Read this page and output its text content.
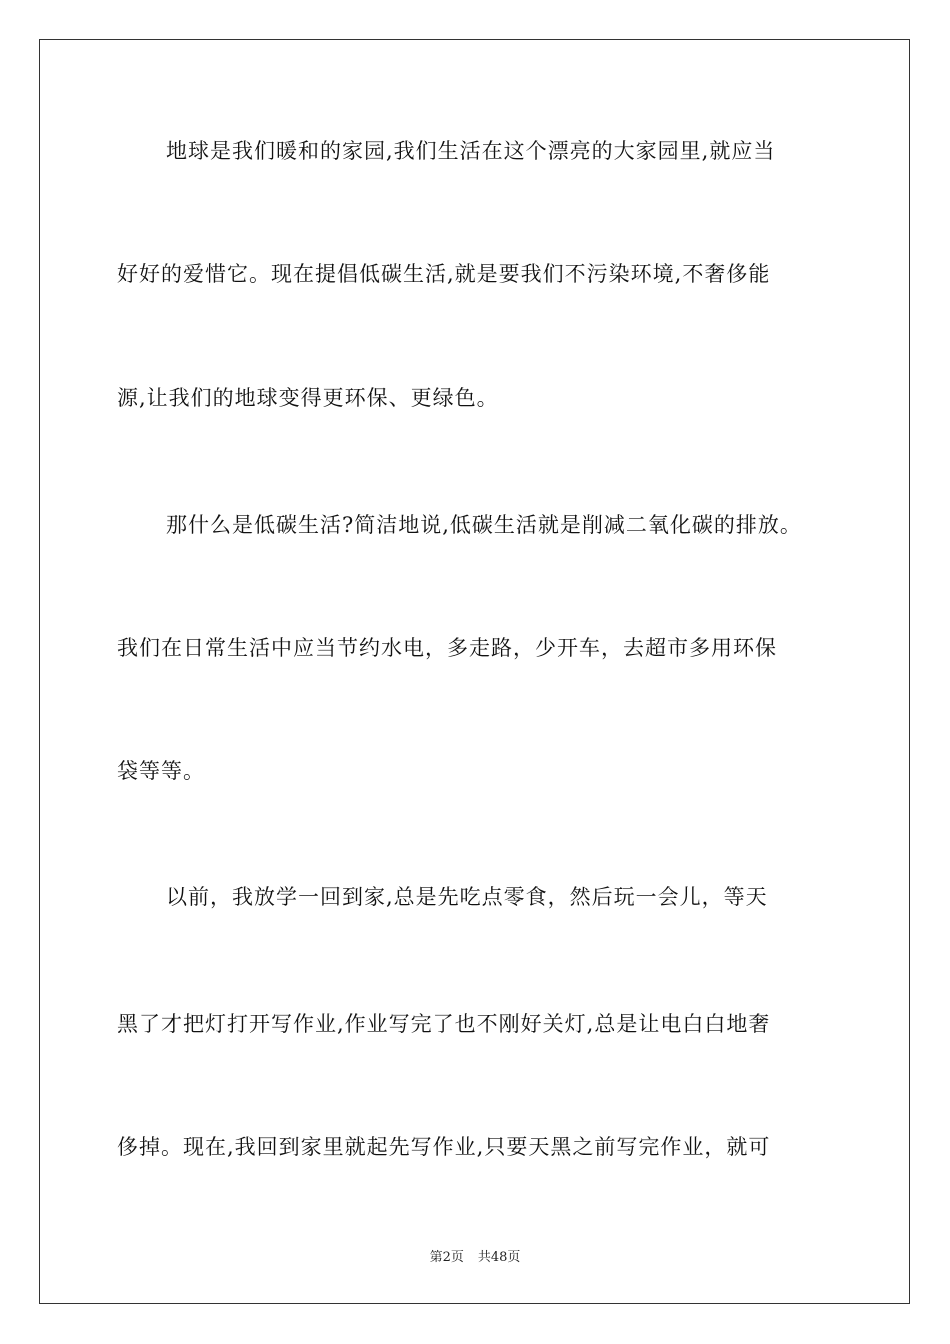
地球是我们暖和的家园,我们生活在这个漂亮的大家园里,就应当
好好的爱惜它。现在提倡低碳生活,就是要我们不污染环境,不奢侈能
源,让我们的地球变得更环保、更绿色。
那什么是低碳生活?简洁地说,低碳生活就是削减二氧化碳的排放。
我们在日常生活中应当节约水电，多走路，少开车，去超市多用环保
袋等等。
以前，我放学一回到家,总是先吃点零食，然后玩一会儿，等天
黑了才把灯打开写作业,作业写完了也不刚好关灯,总是让电白白地奢
侈掉。现在,我回到家里就起先写作业,只要天黑之前写完作业，就可
第2页 共48页
